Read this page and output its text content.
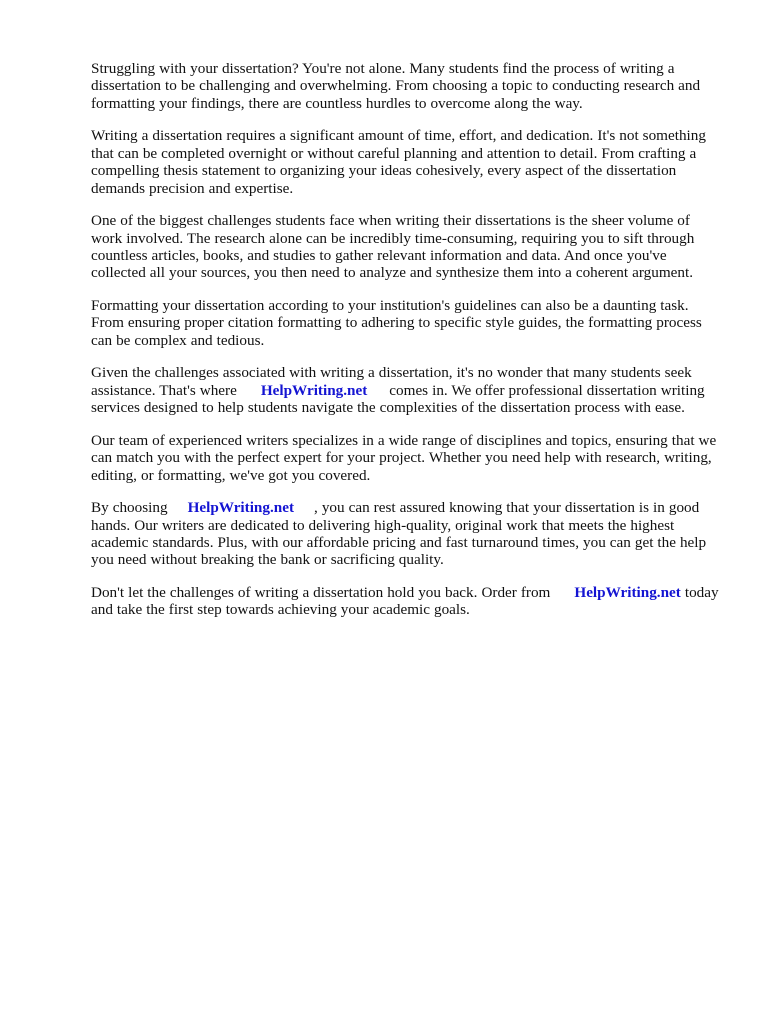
Struggling with your dissertation? You're not alone. Many students find the process of writing a dissertation to be challenging and overwhelming. From choosing a topic to conducting research and formatting your findings, there are countless hurdles to overcome along the way.

Writing a dissertation requires a significant amount of time, effort, and dedication. It's not something that can be completed overnight or without careful planning and attention to detail. From crafting a compelling thesis statement to organizing your ideas cohesively, every aspect of the dissertation demands precision and expertise.

One of the biggest challenges students face when writing their dissertations is the sheer volume of work involved. The research alone can be incredibly time-consuming, requiring you to sift through countless articles, books, and studies to gather relevant information and data. And once you've collected all your sources, you then need to analyze and synthesize them into a coherent argument.

Formatting your dissertation according to your institution's guidelines can also be a daunting task. From ensuring proper citation formatting to adhering to specific style guides, the formatting process can be complex and tedious.

Given the challenges associated with writing a dissertation, it's no wonder that many students seek assistance. That's where HelpWriting.net comes in. We offer professional dissertation writing services designed to help students navigate the complexities of the dissertation process with ease.

Our team of experienced writers specializes in a wide range of disciplines and topics, ensuring that we can match you with the perfect expert for your project. Whether you need help with research, writing, editing, or formatting, we've got you covered.

By choosing HelpWriting.net , you can rest assured knowing that your dissertation is in good hands. Our writers are dedicated to delivering high-quality, original work that meets the highest academic standards. Plus, with our affordable pricing and fast turnaround times, you can get the help you need without breaking the bank or sacrificing quality.

Don't let the challenges of writing a dissertation hold you back. Order from HelpWriting.net today and take the first step towards achieving your academic goals.
